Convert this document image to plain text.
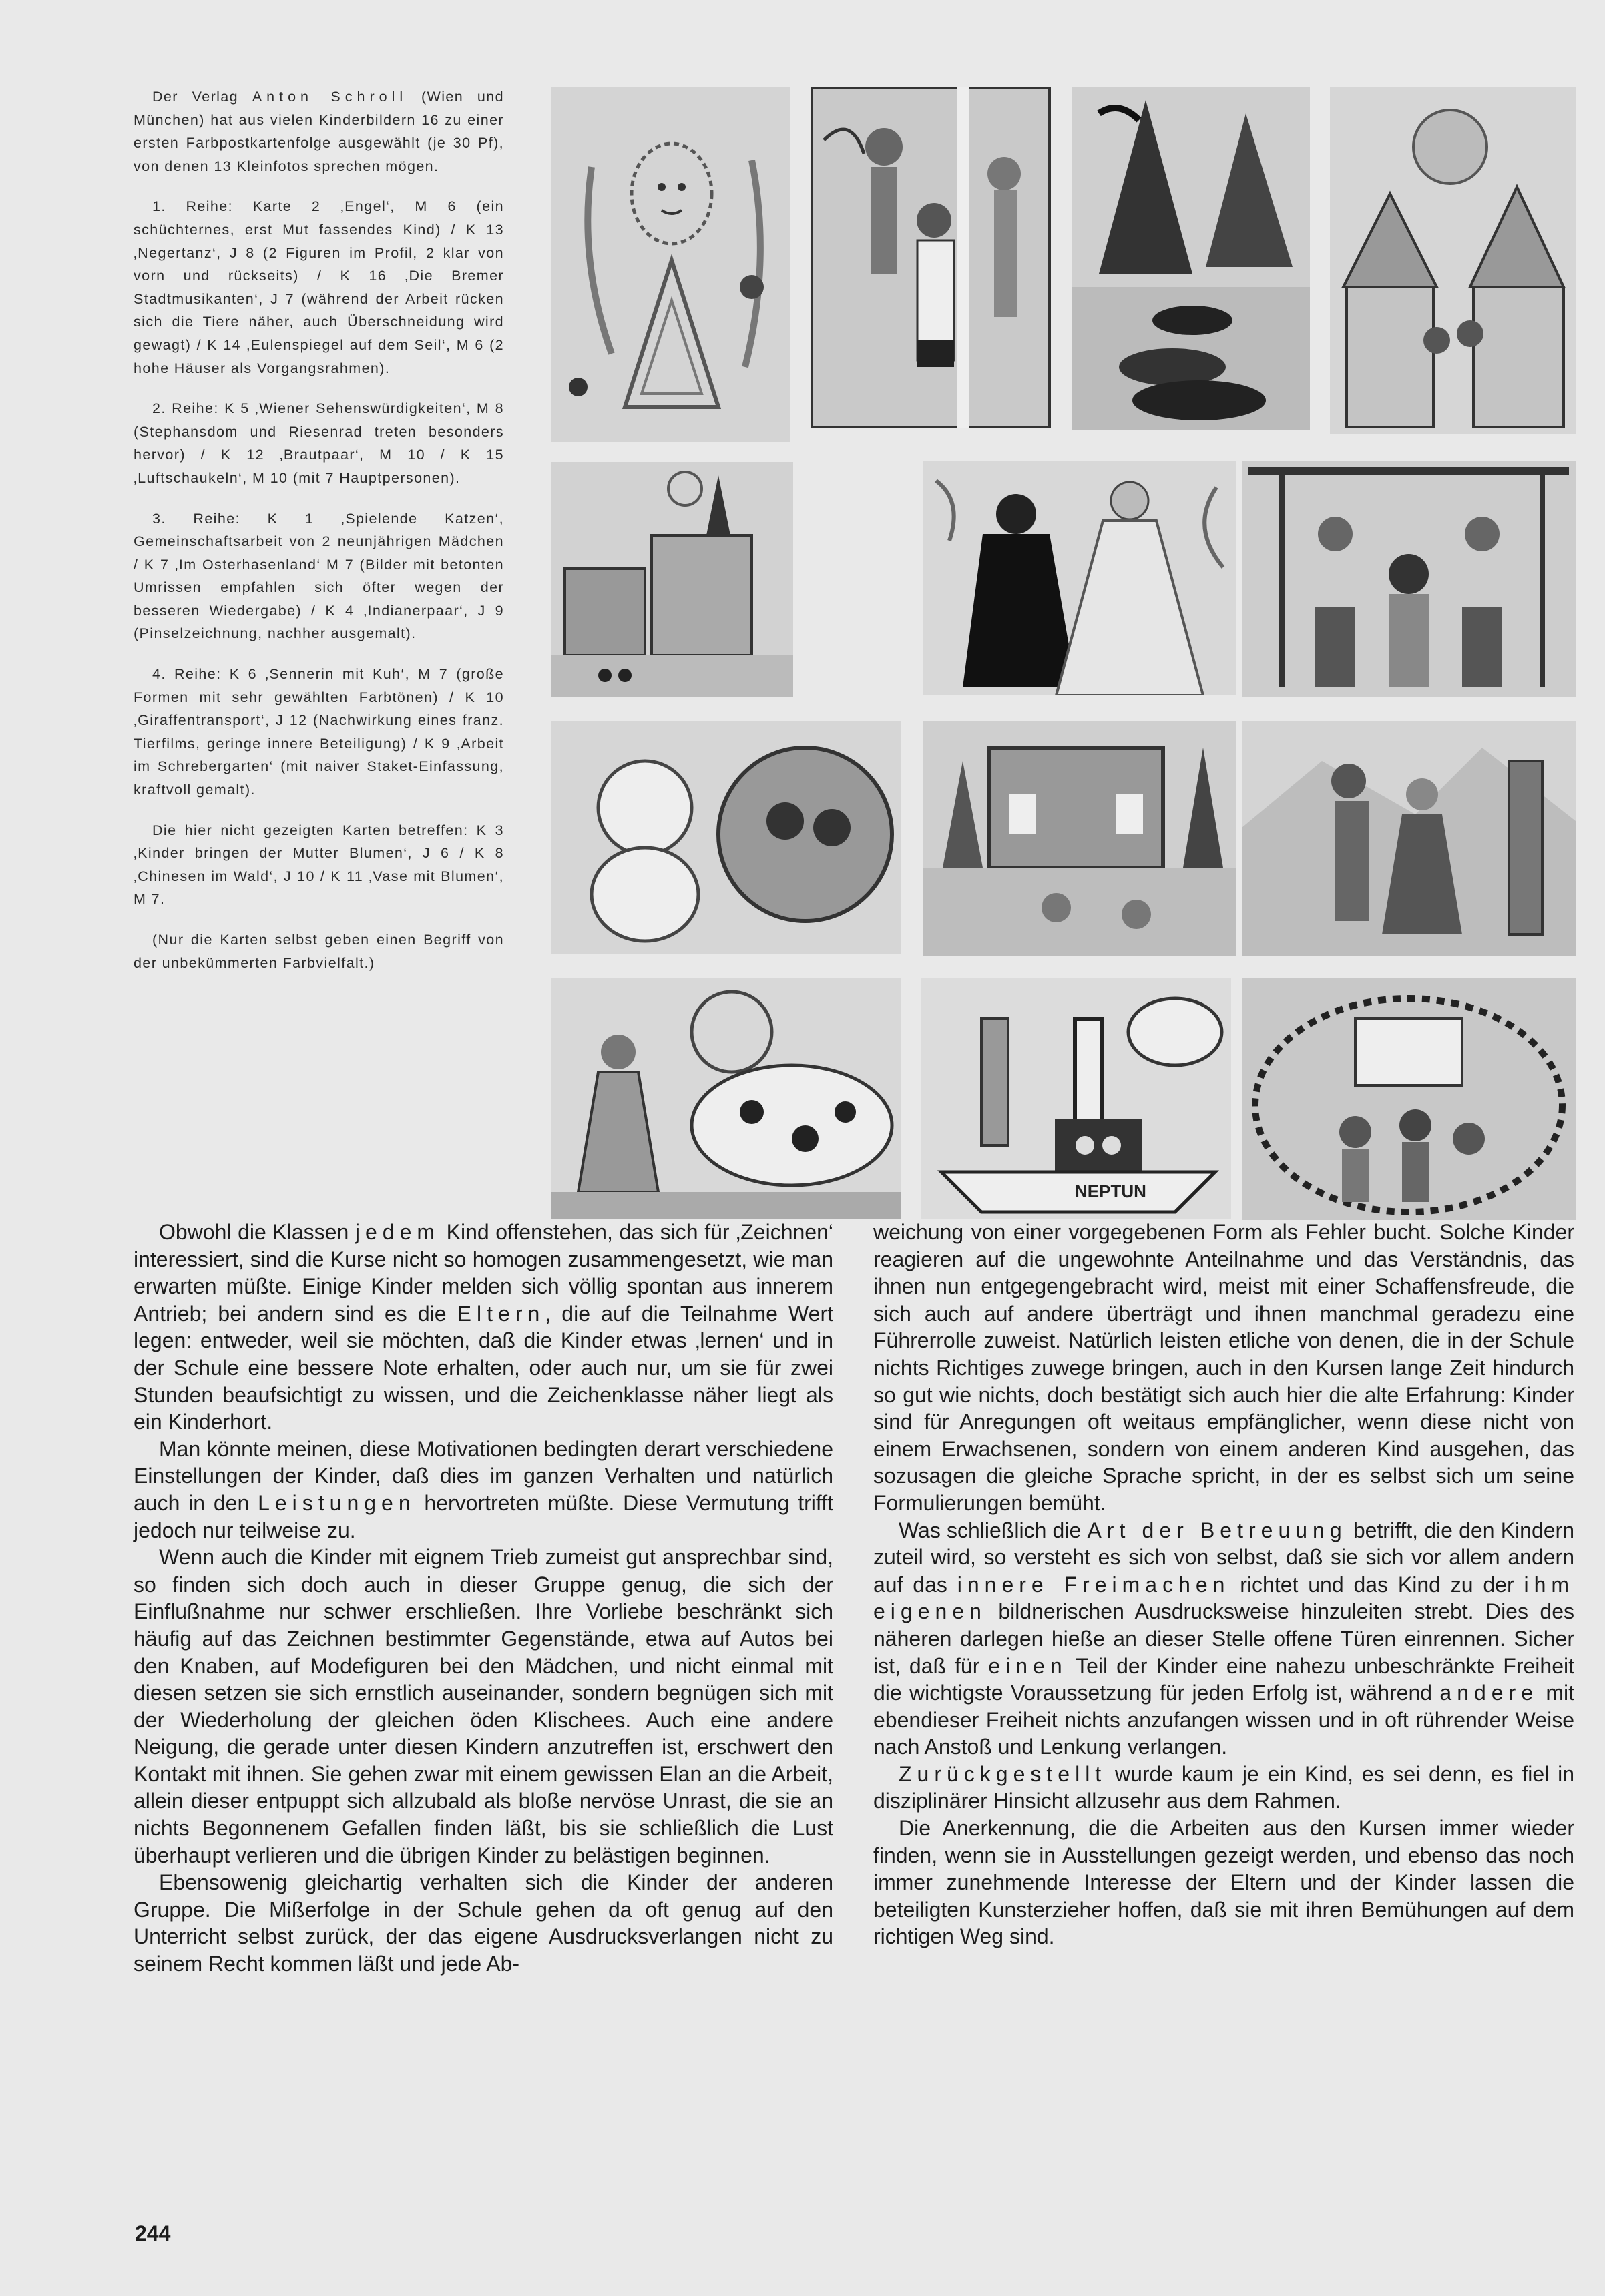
Der Verlag Anton Schroll (Wien und München) hat aus vielen Kinderbildern 16 zu einer ersten Farbpostkartenfolge ausgewählt (je 30 Pf), von denen 13 Kleinfotos sprechen mögen.

1. Reihe: Karte 2 ‚Engel‘, M 6 (ein schüchternes, erst Mut fassendes Kind) / K 13 ‚Negertanz‘, J 8 (2 Figuren im Profil, 2 klar von vorn und rückseits) / K 16 ‚Die Bremer Stadtmusikanten‘, J 7 (während der Arbeit rücken sich die Tiere näher, auch Überschneidung wird gewagt) / K 14 ‚Eulenspiegel auf dem Seil‘, M 6 (2 hohe Häuser als Vorgangsrahmen).

2. Reihe: K 5 ‚Wiener Sehenswürdigkeiten‘, M 8 (Stephansdom und Riesenrad treten besonders hervor) / K 12 ‚Brautpaar‘, M 10 / K 15 ‚Luftschaukeln‘, M 10 (mit 7 Hauptpersonen).

3. Reihe: K 1 ‚Spielende Katzen‘, Gemeinschaftsarbeit von 2 neunjährigen Mädchen / K 7 ‚Im Osterhasenland‘ M 7 (Bilder mit betonten Umrissen empfahlen sich öfter wegen der besseren Wiedergabe) / K 4 ‚Indianerpaar‘, J 9 (Pinselzeichnung, nachher ausgemalt).

4. Reihe: K 6 ‚Sennerin mit Kuh‘, M 7 (große Formen mit sehr gewählten Farbtönen) / K 10 ‚Giraffentransport‘, J 12 (Nachwirkung eines franz. Tierfilms, geringe innere Beteiligung) / K 9 ‚Arbeit im Schrebergarten‘ (mit naiver Staket-Einfassung, kraftvoll gemalt).

Die hier nicht gezeigten Karten betreffen: K 3 ‚Kinder bringen der Mutter Blumen‘, J 6 / K 8 ‚Chinesen im Wald‘, J 10 / K 11 ‚Vase mit Blumen‘, M 7.

(Nur die Karten selbst geben einen Begriff von der unbekümmerten Farbvielfalt.)

NEPTUN

Obwohl die Klassen jedem Kind offenstehen, das sich für ‚Zeichnen‘ interessiert, sind die Kurse nicht so homogen zusammengesetzt, wie man erwarten müßte. Einige Kinder melden sich völlig spontan aus innerem Antrieb; bei andern sind es die Eltern, die auf die Teilnahme Wert legen: entweder, weil sie möchten, daß die Kinder etwas ‚lernen‘ und in der Schule eine bessere Note erhalten, oder auch nur, um sie für zwei Stunden beaufsichtigt zu wissen, und die Zeichenklasse näher liegt als ein Kinderhort.

Man könnte meinen, diese Motivationen bedingten derart verschiedene Einstellungen der Kinder, daß dies im ganzen Verhalten und natürlich auch in den Leistungen hervortreten müßte. Diese Vermutung trifft jedoch nur teilweise zu.

Wenn auch die Kinder mit eignem Trieb zumeist gut ansprechbar sind, so finden sich doch auch in dieser Gruppe genug, die sich der Einflußnahme nur schwer erschließen. Ihre Vorliebe beschränkt sich häufig auf das Zeichnen bestimmter Gegenstände, etwa auf Autos bei den Knaben, auf Modefiguren bei den Mädchen, und nicht einmal mit diesen setzen sie sich ernstlich auseinander, sondern begnügen sich mit der Wiederholung der gleichen öden Klischees. Auch eine andere Neigung, die gerade unter diesen Kindern anzutreffen ist, erschwert den Kontakt mit ihnen. Sie gehen zwar mit einem gewissen Elan an die Arbeit, allein dieser entpuppt sich allzubald als bloße nervöse Unrast, die sie an nichts Begonnenem Gefallen finden läßt, bis sie schließlich die Lust überhaupt verlieren und die übrigen Kinder zu belästigen beginnen.

Ebensowenig gleichartig verhalten sich die Kinder der anderen Gruppe. Die Mißerfolge in der Schule gehen da oft genug auf den Unterricht selbst zurück, der das eigene Ausdrucksverlangen nicht zu seinem Recht kommen läßt und jede Ab-

weichung von einer vorgegebenen Form als Fehler bucht. Solche Kinder reagieren auf die ungewohnte Anteilnahme und das Verständnis, das ihnen nun entgegengebracht wird, meist mit einer Schaffensfreude, die sich auch auf andere überträgt und ihnen manchmal geradezu eine Führerrolle zuweist. Natürlich leisten etliche von denen, die in der Schule nichts Richtiges zuwege bringen, auch in den Kursen lange Zeit hindurch so gut wie nichts, doch bestätigt sich auch hier die alte Erfahrung: Kinder sind für Anregungen oft weitaus empfänglicher, wenn diese nicht von einem Erwachsenen, sondern von einem anderen Kind ausgehen, das sozusagen die gleiche Sprache spricht, in der es selbst sich um seine Formulierungen bemüht.

Was schließlich die Art der Betreuung betrifft, die den Kindern zuteil wird, so versteht es sich von selbst, daß sie sich vor allem andern auf das innere Freimachen richtet und das Kind zu der ihm eigenen bildnerischen Ausdrucksweise hinzuleiten strebt. Dies des näheren darlegen hieße an dieser Stelle offene Türen einrennen. Sicher ist, daß für einen Teil der Kinder eine nahezu unbeschränkte Freiheit die wichtigste Voraussetzung für jeden Erfolg ist, während andere mit ebendieser Freiheit nichts anzufangen wissen und in oft rührender Weise nach Anstoß und Lenkung verlangen.

Zurückgestellt wurde kaum je ein Kind, es sei denn, es fiel in disziplinärer Hinsicht allzusehr aus dem Rahmen.

Die Anerkennung, die die Arbeiten aus den Kursen immer wieder finden, wenn sie in Ausstellungen gezeigt werden, und ebenso das noch immer zunehmende Interesse der Eltern und der Kinder lassen die beteiligten Kunsterzieher hoffen, daß sie mit ihren Bemühungen auf dem richtigen Weg sind.

244
